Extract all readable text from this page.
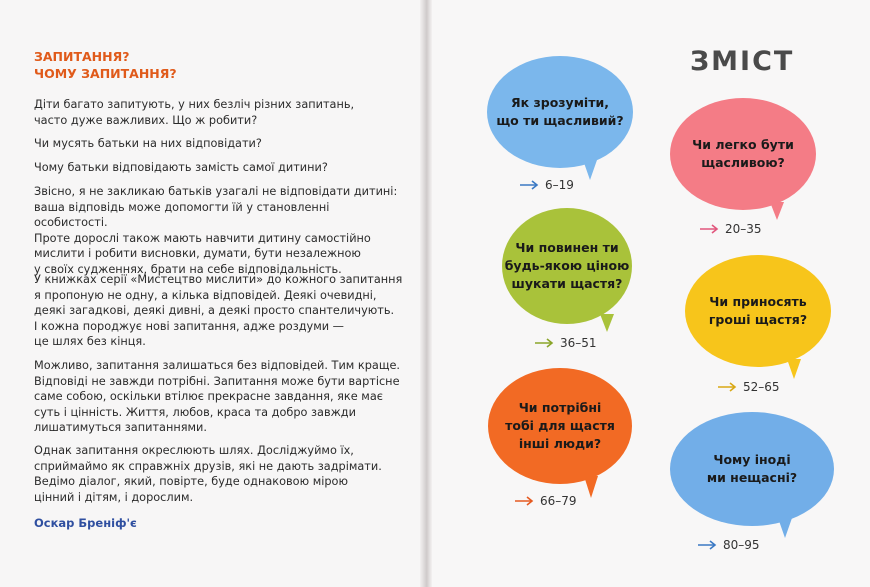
ЗАПИТАННЯ?
ЧОМУ ЗАПИТАННЯ?
Діти багато запитують, у них безліч різних запитань,
часто дуже важливих. Що ж робити?
Чи мусять батьки на них відповідати?
Чому батьки відповідають замість самої дитини?
Звісно, я не закликаю батьків узагалі не відповідати дитині:
ваша відповідь може допомогти їй у становленні особистості.
Проте дорослі також мають навчити дитину самостійно
мислити і робити висновки, думати, бути незалежною
у своїх судженнях, брати на себе відповідальність.
У книжках серії «Мистецтво мислити» до кожного запитання
я пропоную не одну, а кілька відповідей. Деякі очевидні,
деякі загадкові, деякі дивні, а деякі просто спантеличують.
І кожна породжує нові запитання, адже роздуми —
це шлях без кінця.
Можливо, запитання залишаться без відповідей. Тим краще.
Відповіді не завжди потрібні. Запитання може бути вартісне
саме собою, оскільки втілює прекрасне завдання, яке має
суть і цінність. Життя, любов, краса та добро завжди
лишатимуться запитаннями.
Однак запитання окреслюють шлях. Досліджуймо їх,
сприймаймо як справжніх друзів, які не дають задрімати.
Ведімо діалог, який, повірте, буде однаковою мірою
цінний і дітям, і дорослим.
Оскар Бреніф'є
ЗМІСТ
Як зрозуміти,
що ти щасливий?
6–19
Чи легко бути
щасливою?
20–35
Чи повинен ти
будь-якою ціною
шукати щастя?
36–51
Чи приносять
гроші щастя?
52–65
Чи потрібні
тобі для щастя
інші люди?
66–79
Чому іноді
ми нещасні?
80–95
